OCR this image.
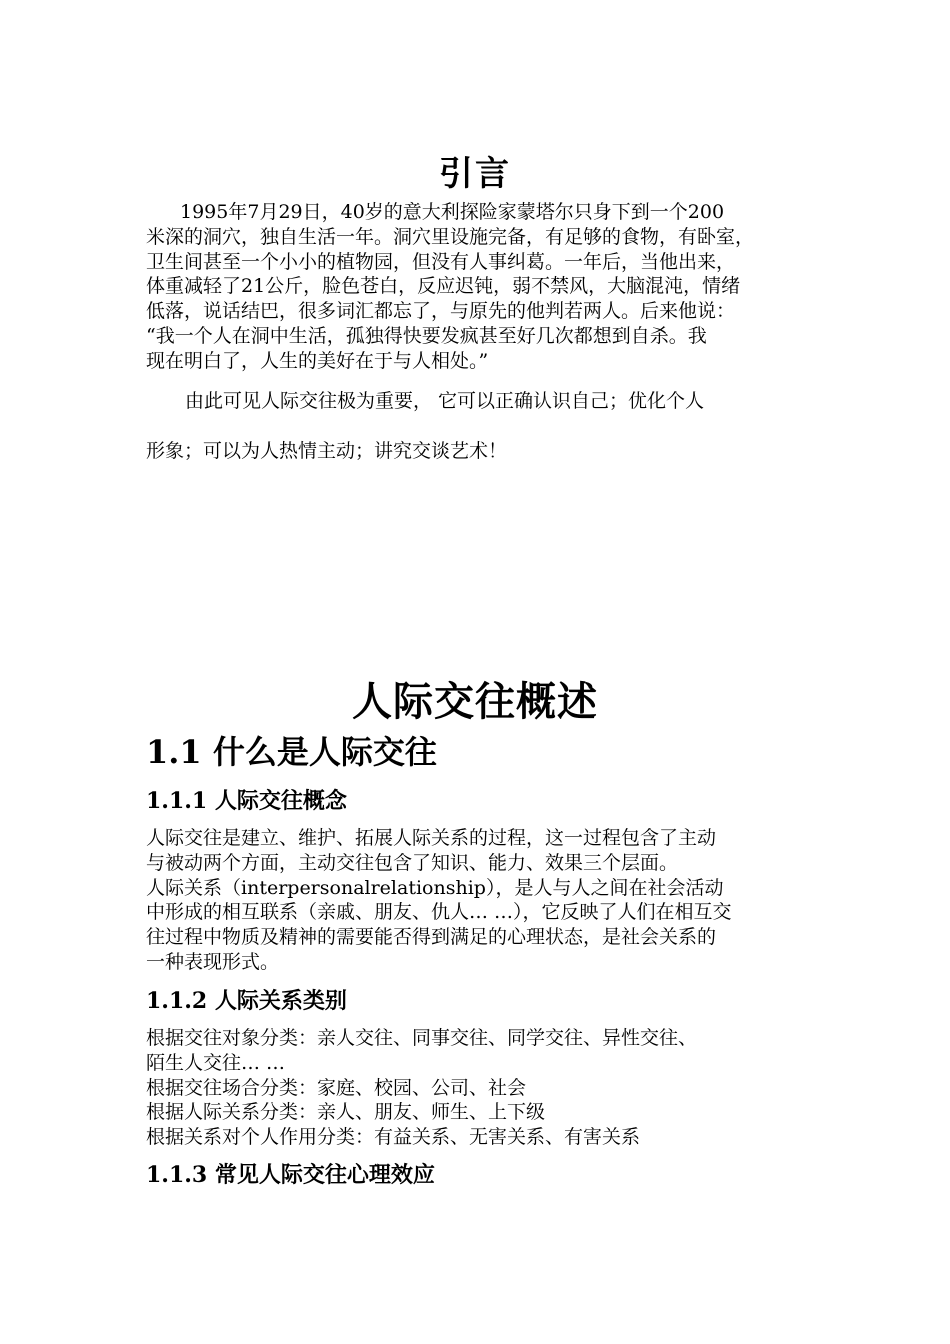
引言
1995年7月29日，40岁的意大利探险家蒙塔尔只身下到一个200
米深的洞穴，独自生活一年。洞穴里设施完备，有足够的食物，有卧室，
卫生间甚至一个小小的植物园，但没有人事纠葛。一年后，当他出来，
体重减轻了21公斤，脸色苍白，反应迟钝，弱不禁风，大脑混沌，情绪
低落，说话结巴，很多词汇都忘了，与原先的他判若两人。后来他说：
“我一个人在洞中生活，孤独得快要发疯甚至好几次都想到自杀。我
现在明白了，人生的美好在于与人相处。”

由此可见人际交往极为重要， 它可以正确认识自己；优化个人

形象；可以为人热情主动；讲究交谈艺术！

人际交往概述
1.1 什么是人际交往
1.1.1 人际交往概念
人际交往是建立、维护、拓展人际关系的过程，这一过程包含了主动
与被动两个方面，主动交往包含了知识、能力、效果三个层面。
人际关系（interpersonalrelationship），是人与人之间在社会活动
中形成的相互联系（亲戚、朋友、仇人… …），它反映了人们在相互交
往过程中物质及精神的需要能否得到满足的心理状态，是社会关系的
一种表现形式。
1.1.2 人际关系类别
根据交往对象分类：亲人交往、同事交往、同学交往、异性交往、
陌生人交往… …
根据交往场合分类：家庭、校园、公司、社会
根据人际关系分类：亲人、朋友、师生、上下级
根据关系对个人作用分类：有益关系、无害关系、有害关系
1.1.3 常见人际交往心理效应
